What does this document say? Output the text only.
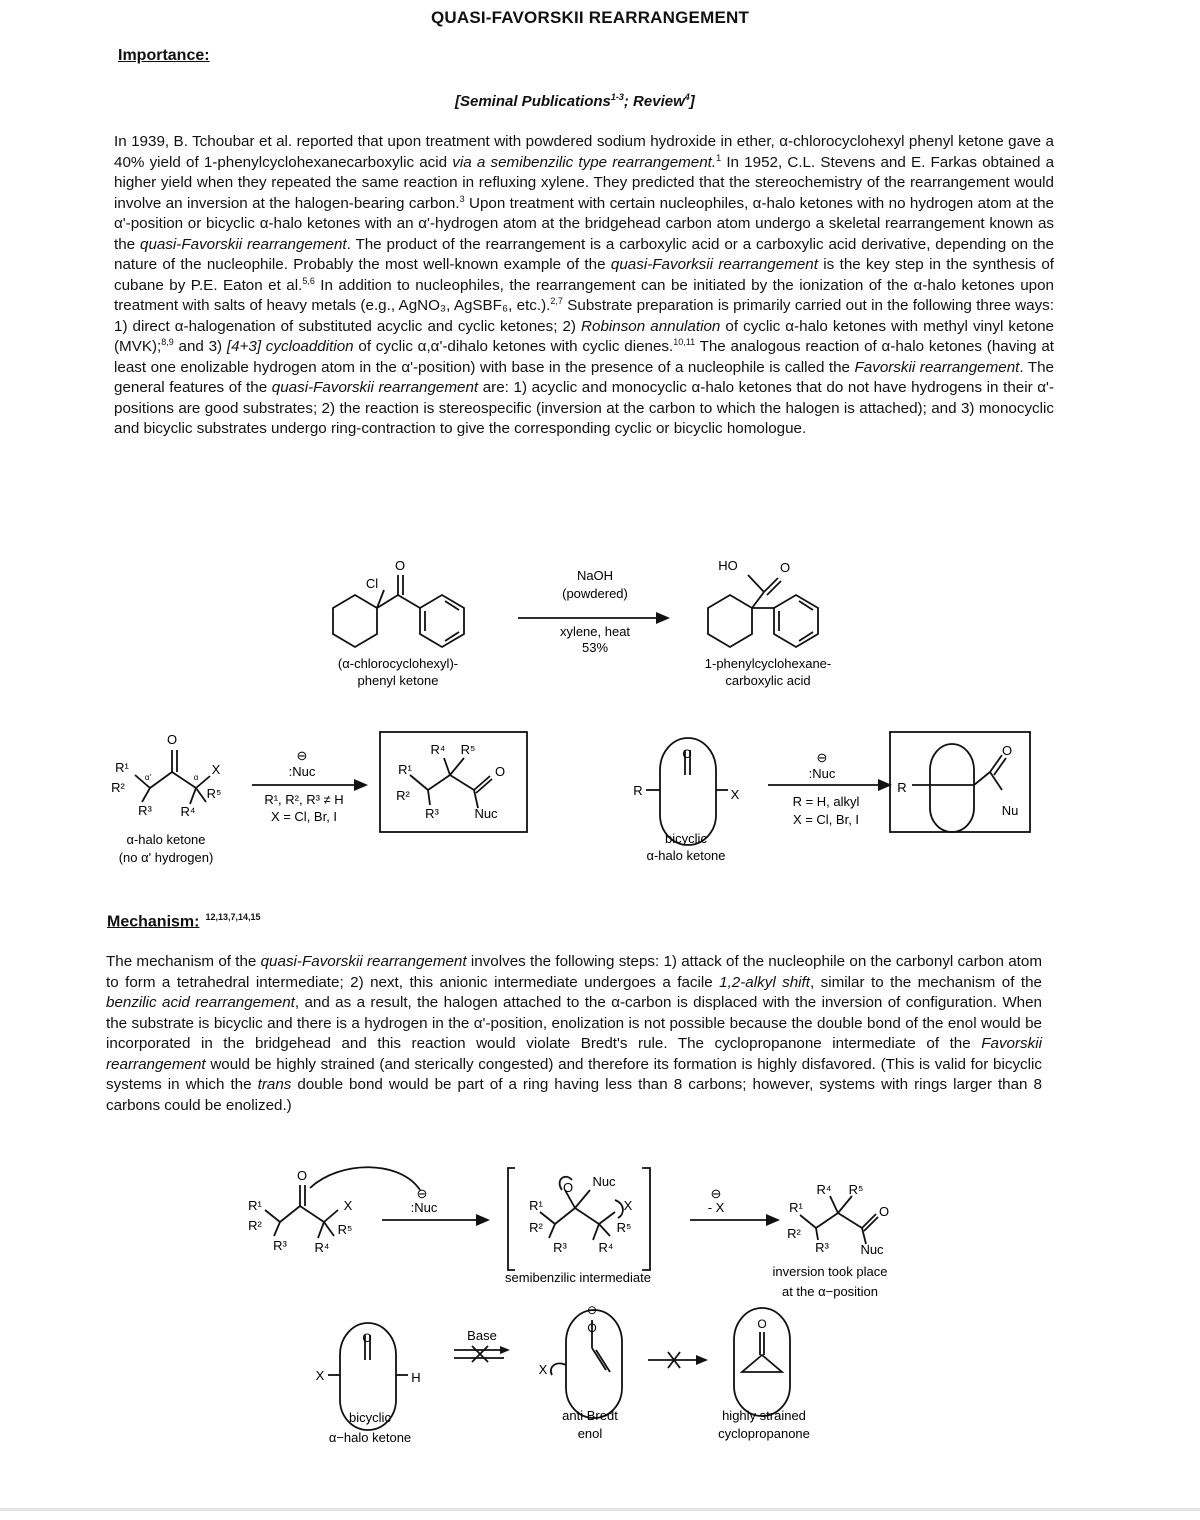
QUASI-FAVORSKII REARRANGEMENT
Importance:
[Seminal Publications$^{1-3}$; Review$^4$]
In 1939, B. Tchoubar et al. reported that upon treatment with powdered sodium hydroxide in ether, α-chlorocyclohexyl phenyl ketone gave a 40% yield of 1-phenylcyclohexanecarboxylic acid via a semibenzilic type rearrangement.$^1$ In 1952, C.L. Stevens and E. Farkas obtained a higher yield when they repeated the same reaction in refluxing xylene. They predicted that the stereochemistry of the rearrangement would involve an inversion at the halogen-bearing carbon.$^3$ Upon treatment with certain nucleophiles, α-halo ketones with no hydrogen atom at the α'-position or bicyclic α-halo ketones with an α'-hydrogen atom at the bridgehead carbon atom undergo a skeletal rearrangement known as the quasi-Favorskii rearrangement. The product of the rearrangement is a carboxylic acid or a carboxylic acid derivative, depending on the nature of the nucleophile. Probably the most well-known example of the quasi-Favorksii rearrangement is the key step in the synthesis of cubane by P.E. Eaton et al.$^{5,6}$ In addition to nucleophiles, the rearrangement can be initiated by the ionization of the α-halo ketones upon treatment with salts of heavy metals (e.g., AgNO₃, AgSBF₆, etc.).$^{2,7}$ Substrate preparation is primarily carried out in the following three ways: 1) direct α-halogenation of substituted acyclic and cyclic ketones; 2) Robinson annulation of cyclic α-halo ketones with methyl vinyl ketone (MVK);$^{8,9}$ and 3) [4+3] cycloaddition of cyclic α,α'-dihalo ketones with cyclic dienes.$^{10,11}$ The analogous reaction of α-halo ketones (having at least one enolizable hydrogen atom in the α'-position) with base in the presence of a nucleophile is called the Favorskii rearrangement. The general features of the quasi-Favorskii rearrangement are: 1) acyclic and monocyclic α-halo ketones that do not have hydrogens in their α'-positions are good substrates; 2) the reaction is stereospecific (inversion at the carbon to which the halogen is attached); and 3) monocyclic and bicyclic substrates undergo ring-contraction to give the corresponding cyclic or bicyclic homologue.
Cl
O	HO	O
NaOH
(powdered)
xylene, heat
53%
(α-chlorocyclohexyl)-
phenyl ketone
1-phenylcyclohexane-
carboxylic acid
O
R¹
R²
R³ R⁴
R⁵
X
α'	α
⊖
:Nuc
R¹, R², R³ ≠ H
X = Cl, Br, I
R¹
R²
R³
R⁴ R⁵
O
Nuc
α-halo ketone
(no α' hydrogen)
O
R	X
bicyclic
α-halo ketone
⊖
:Nuc
R = H, alkyl
X = Cl, Br, I
R
O
Nu
Mechanism: $^{12,13,7,14,15}$
The mechanism of the quasi-Favorskii rearrangement involves the following steps: 1) attack of the nucleophile on the carbonyl carbon atom to form a tetrahedral intermediate; 2) next, this anionic intermediate undergoes a facile 1,2-alkyl shift, similar to the mechanism of the benzilic acid rearrangement, and as a result, the halogen attached to the α-carbon is displaced with the inversion of configuration. When the substrate is bicyclic and there is a hydrogen in the α'-position, enolization is not possible because the double bond of the enol would be incorporated in the bridgehead and this reaction would violate Bredt's rule. The cyclopropanone intermediate of the Favorskii rearrangement would be highly strained (and sterically congested) and therefore its formation is highly disfavored. (This is valid for bicyclic systems in which the trans double bond would be part of a ring having less than 8 carbons; however, systems with rings larger than 8 carbons could be enolized.)
O
R¹
R²
R³ R⁴
R⁵
X
⊖
:Nuc
O Nuc
R¹
R²
R³ R⁴
R⁵
X
semibenzilic intermediate
⊖
- X	R¹
R²
R³
R⁴ R⁵
O
Nuc
inversion took place
at the α−position
O
X	H
bicyclic
α−halo ketone
Base
X
⊖
O
anti Bredt
enol
O
highly strained
cyclopropanone
